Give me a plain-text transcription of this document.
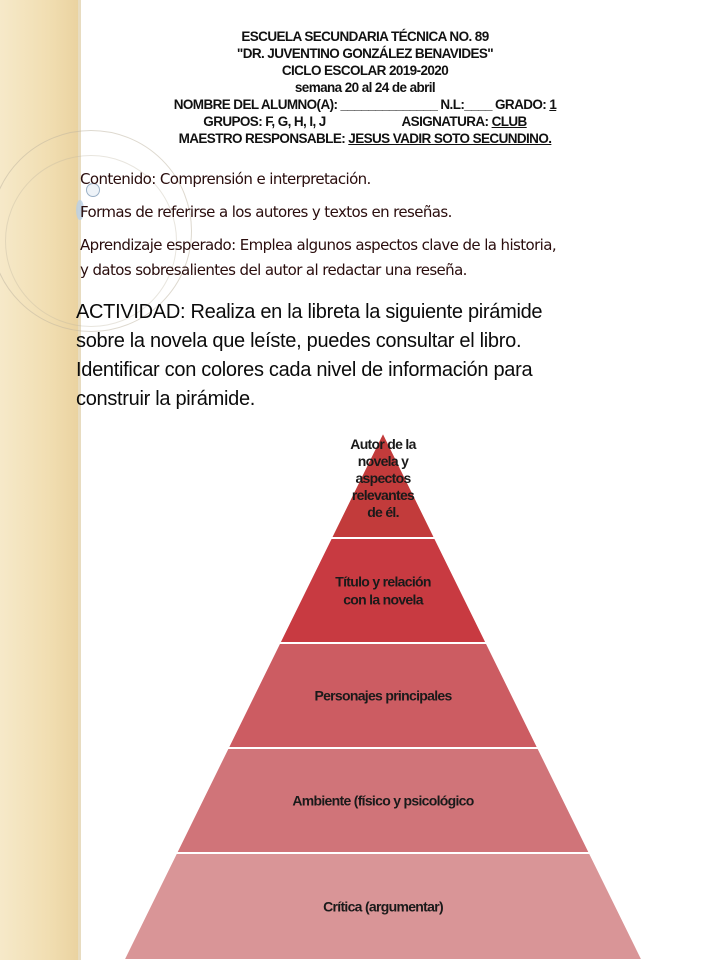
ESCUELA SECUNDARIA TÉCNICA NO. 89
"DR. JUVENTINO GONZÁLEZ BENAVIDES"
CICLO ESCOLAR 2019-2020
semana 20 al 24 de abril
NOMBRE DEL ALUMNO(A): ______________ N.L:____ GRADO: 1
GRUPOS: F, G, H, I, J	ASIGNATURA: CLUB
MAESTRO RESPONSABLE: JESUS VADIR SOTO SECUNDINO.
Contenido: Comprensión e interpretación.
Formas de referirse a los autores y textos en reseñas.
Aprendizaje esperado: Emplea algunos aspectos clave de la historia,
y datos sobresalientes del autor al redactar una reseña.
ACTIVIDAD: Realiza en la libreta la siguiente pirámide
sobre la novela que leíste, puedes consultar el libro.
Identificar con colores cada nivel de información para
construir la pirámide.
Autor de la
novela y
aspectos
relevantes
de él.
Título y relación
con la novela
Personajes principales
Ambiente (físico y psicológico
Crítica (argumentar)
